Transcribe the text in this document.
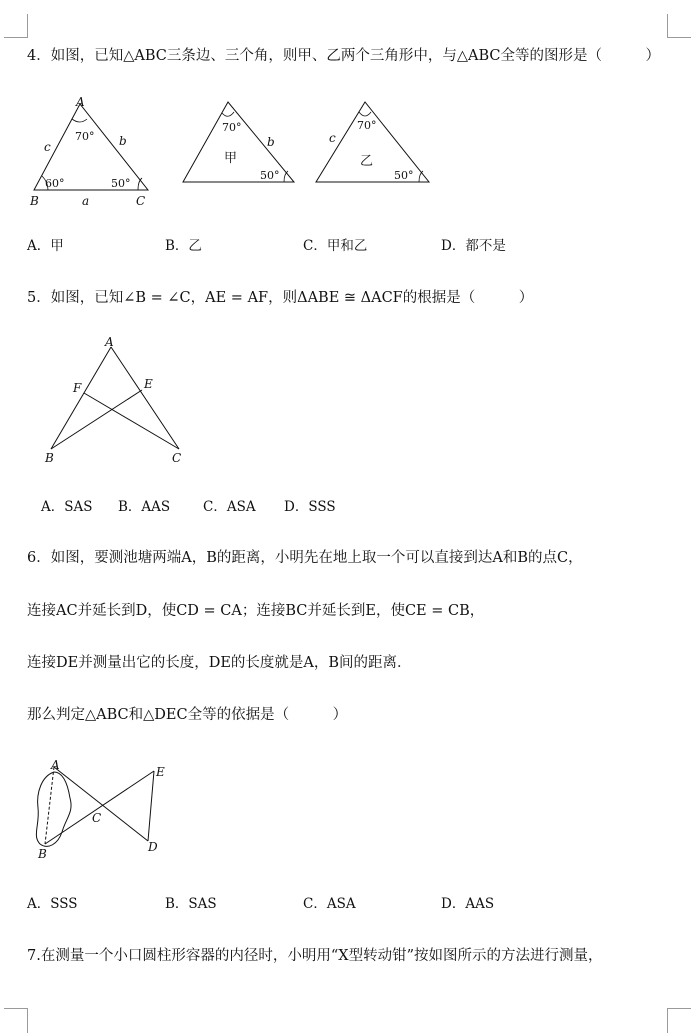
4．如图，已知△ABC三条边、三个角，则甲、乙两个三角形中，与△ABC全等的图形是（　　　）
A
B	C
a
b
c
70°
60°	50°
70°
50°
b
甲
70°
50°
c
乙
A．甲	B．乙	C．甲和乙	D．都不是
5．如图，已知∠B = ∠C，AE = AF，则ΔABE ≅ ΔACF的根据是（　　　）
A
B	C
E
F
A．SAS B．AAS C．ASA D．SSS
6．如图，要测池塘两端A，B的距离，小明先在地上取一个可以直接到达A和B的点C，
连接AC并延长到D，使CD = CA；连接BC并延长到E，使CE = CB，
连接DE并测量出它的长度，DE的长度就是A，B间的距离．
那么判定△ABC和△DEC全等的依据是（　　　）
A
B
C
D
E
A．SSS	B．SAS	C．ASA	D．AAS
7.在测量一个小口圆柱形容器的内径时，小明用“X型转动钳”按如图所示的方法进行测量，
